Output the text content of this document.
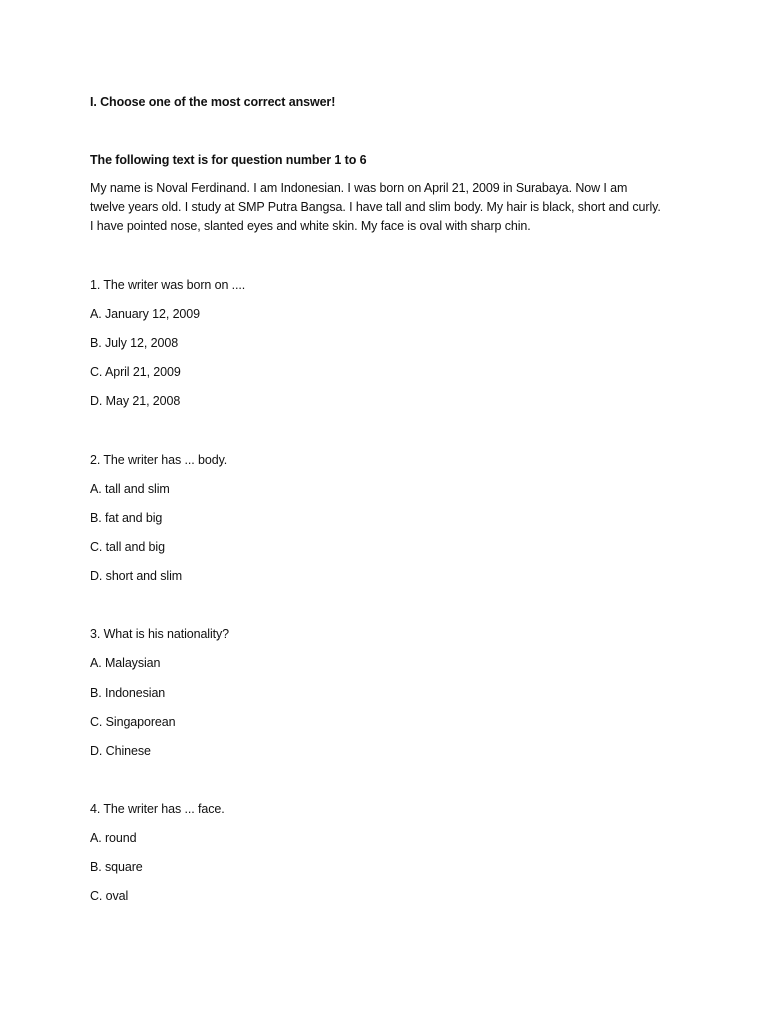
I. Choose one of the most correct answer!
The following text is for question number 1 to 6
My name is Noval Ferdinand. I am Indonesian. I was born on April 21, 2009 in Surabaya. Now I am
twelve years old. I study at SMP Putra Bangsa. I have tall and slim body. My hair is black, short and curly.
I have pointed nose, slanted eyes and white skin. My face is oval with sharp chin.
1. The writer was born on ....
A. January 12, 2009
B. July 12, 2008
C. April 21, 2009
D. May 21, 2008
2. The writer has ... body.
A. tall and slim
B. fat and big
C. tall and big
D. short and slim
3. What is his nationality?
A. Malaysian
B. Indonesian
C. Singaporean
D. Chinese
4. The writer has ... face.
A. round
B. square
C. oval
